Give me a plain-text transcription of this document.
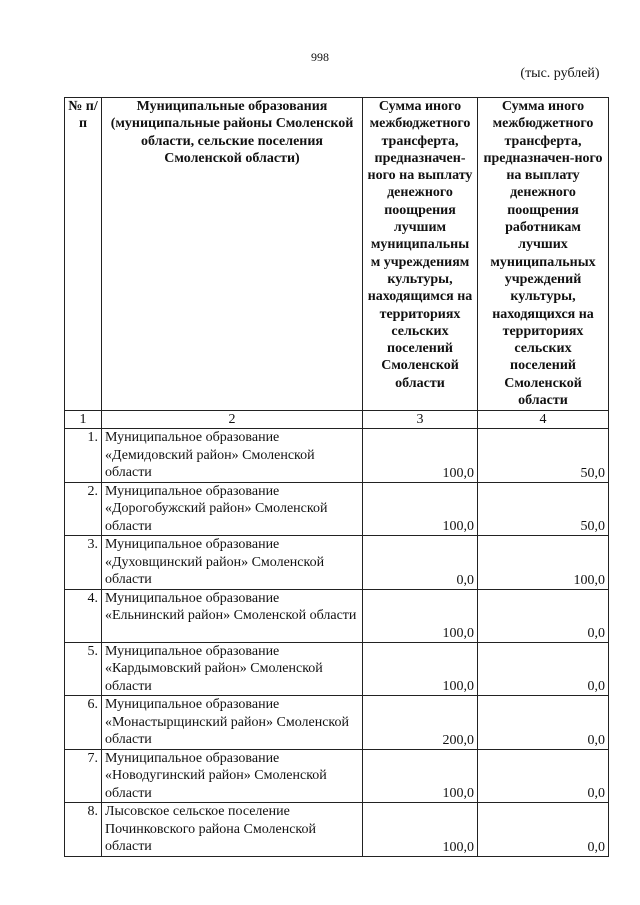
998
(тыс. рублей)
№ п/п	Муниципальные образования (муниципальные районы Смоленской области, сельские поселения Смоленской области)	Сумма иного межбюджетного трансферта, предназначен-ного на выплату денежного поощрения лучшим муниципальны м учреждениям культуры, находящимся на территориях сельских поселений Смоленской области	Сумма иного межбюджетного трансферта, предназначен-ного на выплату денежного поощрения работникам лучших муниципальных учреждений культуры, находящихся на территориях сельских поселений Смоленской области
1	2	3	4
1.	Муниципальное образование «Демидовский район» Смоленской области	100,0	50,0
2.	Муниципальное образование «Дорогобужский район» Смоленской области	100,0	50,0
3.	Муниципальное образование «Духовщинский район» Смоленской области	0,0	100,0
4.	Муниципальное образование «Ельнинский район» Смоленской области	100,0	0,0
5.	Муниципальное образование «Кардымовский район» Смоленской области	100,0	0,0
6.	Муниципальное образование «Монастырщинский район» Смоленской области	200,0	0,0
7.	Муниципальное образование «Новодугинский район» Смоленской области	100,0	0,0
8.	Лысовское сельское поселение Починковского района Смоленской области	100,0	0,0
